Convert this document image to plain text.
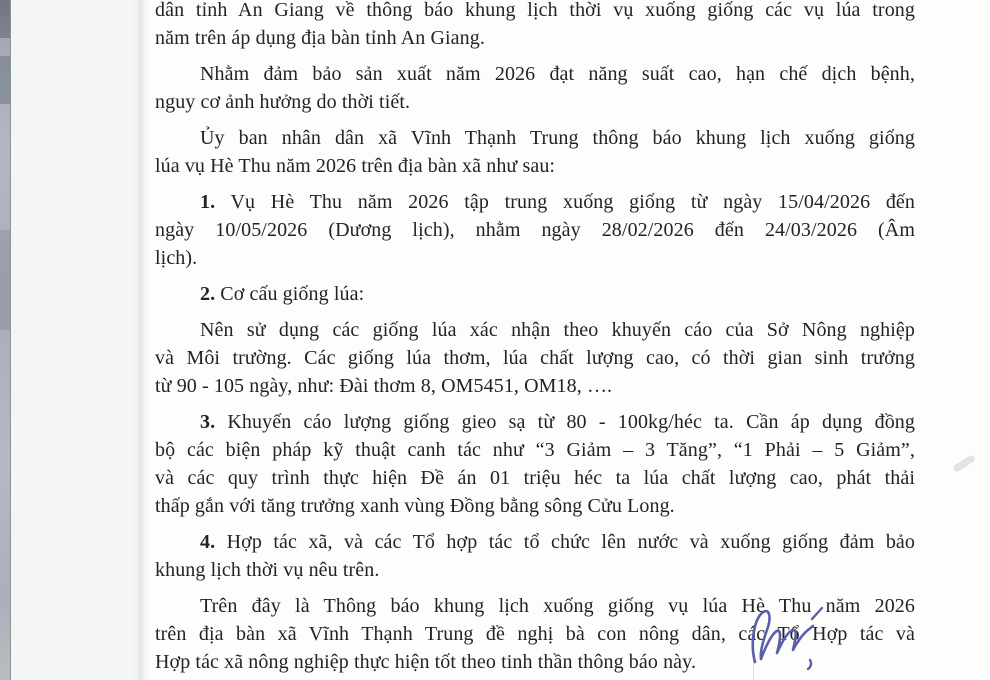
dân tỉnh An Giang về thông báo khung lịch thời vụ xuống giống các vụ lúa trong
năm trên áp dụng địa bàn tỉnh An Giang.
Nhằm đảm bảo sản xuất năm 2026 đạt năng suất cao, hạn chế dịch bệnh,
nguy cơ ảnh hưởng do thời tiết.
Ủy ban nhân dân xã Vĩnh Thạnh Trung thông báo khung lịch xuống giống
lúa vụ Hè Thu năm 2026 trên địa bàn xã như sau:
1. Vụ Hè Thu năm 2026 tập trung xuống giống từ ngày 15/04/2026 đến
ngày 10/05/2026 (Dương lịch), nhằm ngày 28/02/2026 đến 24/03/2026 (Âm
lịch).
2. Cơ cấu giống lúa:
Nên sử dụng các giống lúa xác nhận theo khuyến cáo của Sở Nông nghiệp
và Môi trường. Các giống lúa thơm, lúa chất lượng cao, có thời gian sinh trưởng
từ 90 - 105 ngày, như: Đài thơm 8, OM5451, OM18, ….
3. Khuyến cáo lượng giống gieo sạ từ 80 - 100kg/héc ta. Cần áp dụng đồng
bộ các biện pháp kỹ thuật canh tác như “3 Giảm – 3 Tăng”, “1 Phải – 5 Giảm”,
và các quy trình thực hiện Đề án 01 triệu héc ta lúa chất lượng cao, phát thải
thấp gắn với tăng trưởng xanh vùng Đồng bằng sông Cửu Long.
4. Hợp tác xã, và các Tổ hợp tác tổ chức lên nước và xuống giống đảm bảo
khung lịch thời vụ nêu trên.
Trên đây là Thông báo khung lịch xuống giống vụ lúa Hè Thu năm 2026
trên địa bàn xã Vĩnh Thạnh Trung đề nghị bà con nông dân, các Tổ Hợp tác và
Hợp tác xã nông nghiệp thực hiện tốt theo tinh thần thông báo này.
